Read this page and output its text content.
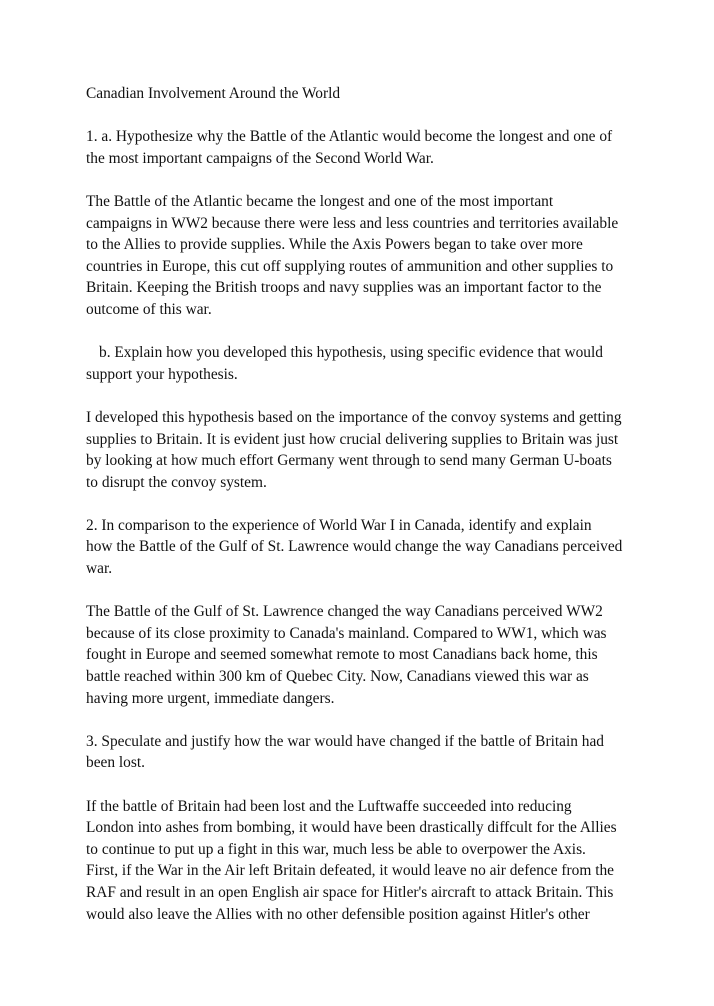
Canadian Involvement Around the World

1. a. Hypothesize why the Battle of the Atlantic would become the longest and one of
the most important campaigns of the Second World War.

The Battle of the Atlantic became the longest and one of the most important
campaigns in WW2 because there were less and less countries and territories available
to the Allies to provide supplies. While the Axis Powers began to take over more
countries in Europe, this cut off supplying routes of ammunition and other supplies to
Britain. Keeping the British troops and navy supplies was an important factor to the
outcome of this war.

b. Explain how you developed this hypothesis, using specific evidence that would
support your hypothesis.

I developed this hypothesis based on the importance of the convoy systems and getting
supplies to Britain. It is evident just how crucial delivering supplies to Britain was just
by looking at how much effort Germany went through to send many German U-boats
to disrupt the convoy system.

2. In comparison to the experience of World War I in Canada, identify and explain
how the Battle of the Gulf of St. Lawrence would change the way Canadians perceived
war.

The Battle of the Gulf of St. Lawrence changed the way Canadians perceived WW2
because of its close proximity to Canada's mainland. Compared to WW1, which was
fought in Europe and seemed somewhat remote to most Canadians back home, this
battle reached within 300 km of Quebec City. Now, Canadians viewed this war as
having more urgent, immediate dangers.

3. Speculate and justify how the war would have changed if the battle of Britain had
been lost.

If the battle of Britain had been lost and the Luftwaffe succeeded into reducing
London into ashes from bombing, it would have been drastically diffcult for the Allies
to continue to put up a fight in this war, much less be able to overpower the Axis.
First, if the War in the Air left Britain defeated, it would leave no air defence from the
RAF and result in an open English air space for Hitler's aircraft to attack Britain. This
would also leave the Allies with no other defensible position against Hitler's other
